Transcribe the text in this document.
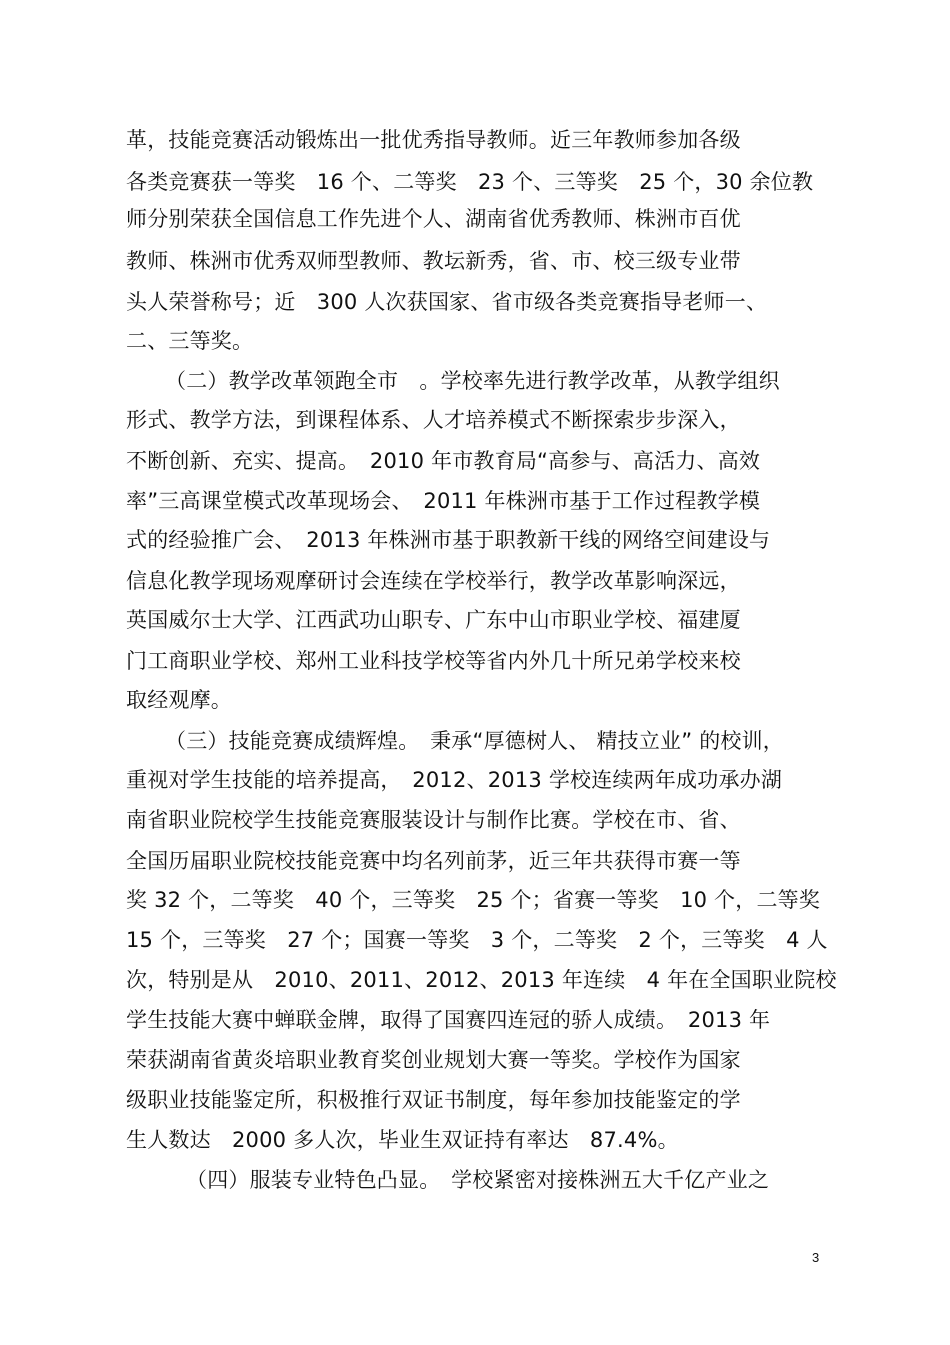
革，技能竞赛活动锻炼出一批优秀指导教师。近三年教师参加各级
各类竞赛获一等奖　16 个、二等奖　23 个、三等奖　25 个，30 余位教
师分别荣获全国信息工作先进个人、湖南省优秀教师、株洲市百优
教师、株洲市优秀双师型教师、教坛新秀，省、市、校三级专业带
头人荣誉称号；近　300 人次获国家、省市级各类竞赛指导老师一、
二、三等奖。
（二）教学改革领跑全市　。学校率先进行教学改革，从教学组织
形式、教学方法，到课程体系、人才培养模式不断探索步步深入，
不断创新、充实、提高。　2010 年市教育局“高参与、高活力、高效
率”三高课堂模式改革现场会、　2011 年株洲市基于工作过程教学模
式的经验推广会、　2013 年株洲市基于职教新干线的网络空间建设与
信息化教学现场观摩研讨会连续在学校举行，教学改革影响深远，
英国威尔士大学、江西武功山职专、广东中山市职业学校、福建厦
门工商职业学校、郑州工业科技学校等省内外几十所兄弟学校来校
取经观摩。
（三）技能竞赛成绩辉煌。　秉承“厚德树人、 精技立业” 的校训，
重视对学生技能的培养提高，　2012、2013 学校连续两年成功承办湖
南省职业院校学生技能竞赛服装设计与制作比赛。学校在市、省、
全国历届职业院校技能竞赛中均名列前茅，近三年共获得市赛一等
奖 32 个，二等奖　40 个，三等奖　25 个；省赛一等奖　10 个，二等奖
15 个，三等奖　27 个；国赛一等奖　3 个，二等奖　2 个，三等奖　4 人
次，特别是从　2010、2011、2012、2013 年连续　4 年在全国职业院校
学生技能大赛中蝉联金牌，取得了国赛四连冠的骄人成绩。　2013 年
荣获湖南省黄炎培职业教育奖创业规划大赛一等奖。学校作为国家
级职业技能鉴定所，积极推行双证书制度，每年参加技能鉴定的学
生人数达　2000 多人次，毕业生双证持有率达　87.4%。
（四）服装专业特色凸显。　学校紧密对接株洲五大千亿产业之
3
